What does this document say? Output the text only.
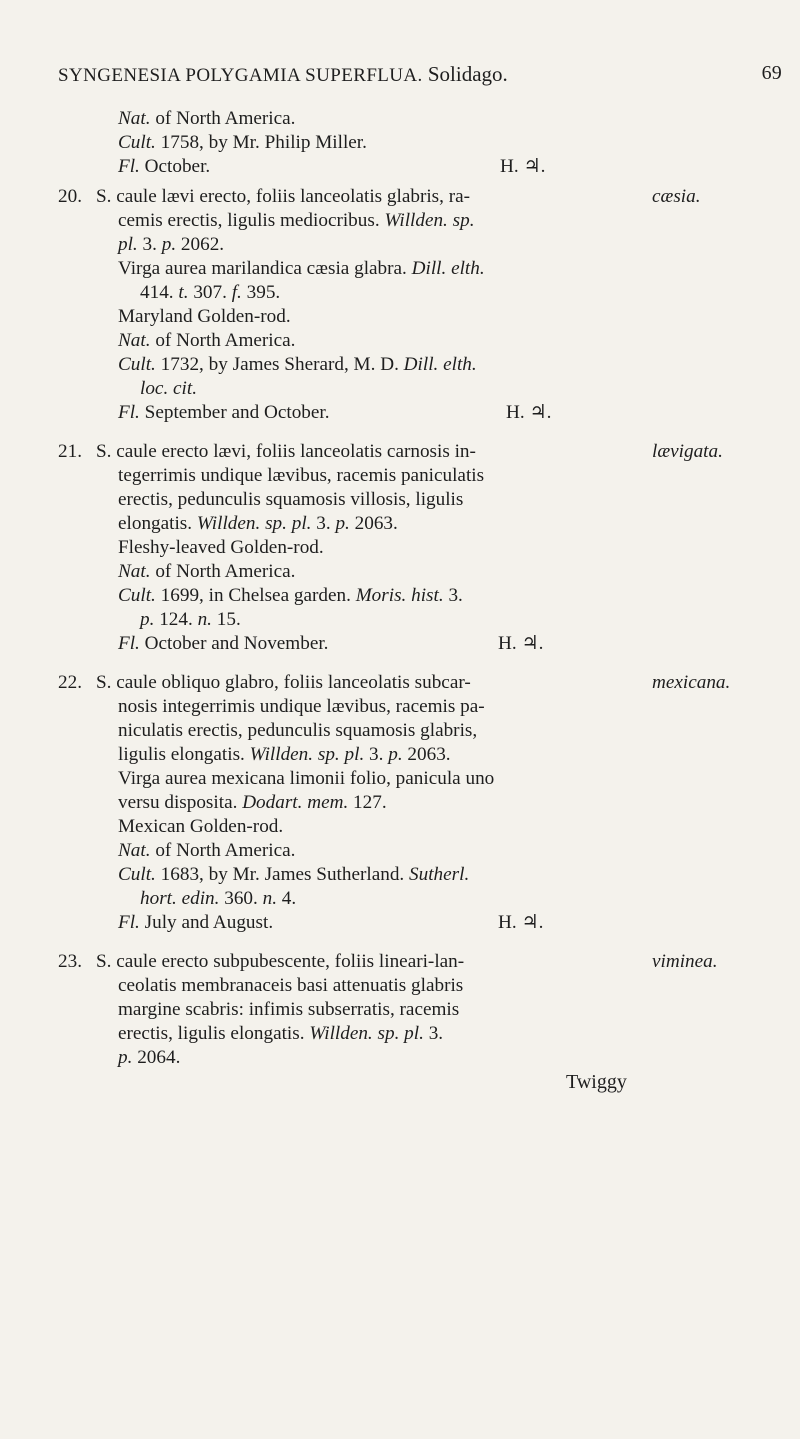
SYNGENESIA POLYGAMIA SUPERFLUA. Solidago.	69
Nat. of North America.
Cult. 1758, by Mr. Philip Miller.
Fl. October.	H. ♃.
20.	cæsia.
S. caule lævi erecto, foliis lanceolatis glabris, ra-
cemis erectis, ligulis mediocribus. Willden. sp.
pl. 3. p. 2062.
Virga aurea marilandica cæsia glabra. Dill. elth.
414. t. 307. f. 395.
Maryland Golden-rod.
Nat. of North America.
Cult. 1732, by James Sherard, M. D. Dill. elth.
loc. cit.
Fl. September and October.	H. ♃.
21.	lævigata.
S. caule erecto lævi, foliis lanceolatis carnosis in-
tegerrimis undique lævibus, racemis paniculatis
erectis, pedunculis squamosis villosis, ligulis
elongatis. Willden. sp. pl. 3. p. 2063.
Fleshy-leaved Golden-rod.
Nat. of North America.
Cult. 1699, in Chelsea garden. Moris. hist. 3.
p. 124. n. 15.
Fl. October and November.	H. ♃.
22.	mexicana.
S. caule obliquo glabro, foliis lanceolatis subcar-
nosis integerrimis undique lævibus, racemis pa-
niculatis erectis, pedunculis squamosis glabris,
ligulis elongatis. Willden. sp. pl. 3. p. 2063.
Virga aurea mexicana limonii folio, panicula uno
versu disposita. Dodart. mem. 127.
Mexican Golden-rod.
Nat. of North America.
Cult. 1683, by Mr. James Sutherland. Sutherl.
hort. edin. 360. n. 4.
Fl. July and August.	H. ♃.
23.	viminea.
S. caule erecto subpubescente, foliis lineari-lan-
ceolatis membranaceis basi attenuatis glabris
margine scabris: infimis subserratis, racemis
erectis, ligulis elongatis. Willden. sp. pl. 3.
p. 2064.
Twiggy
